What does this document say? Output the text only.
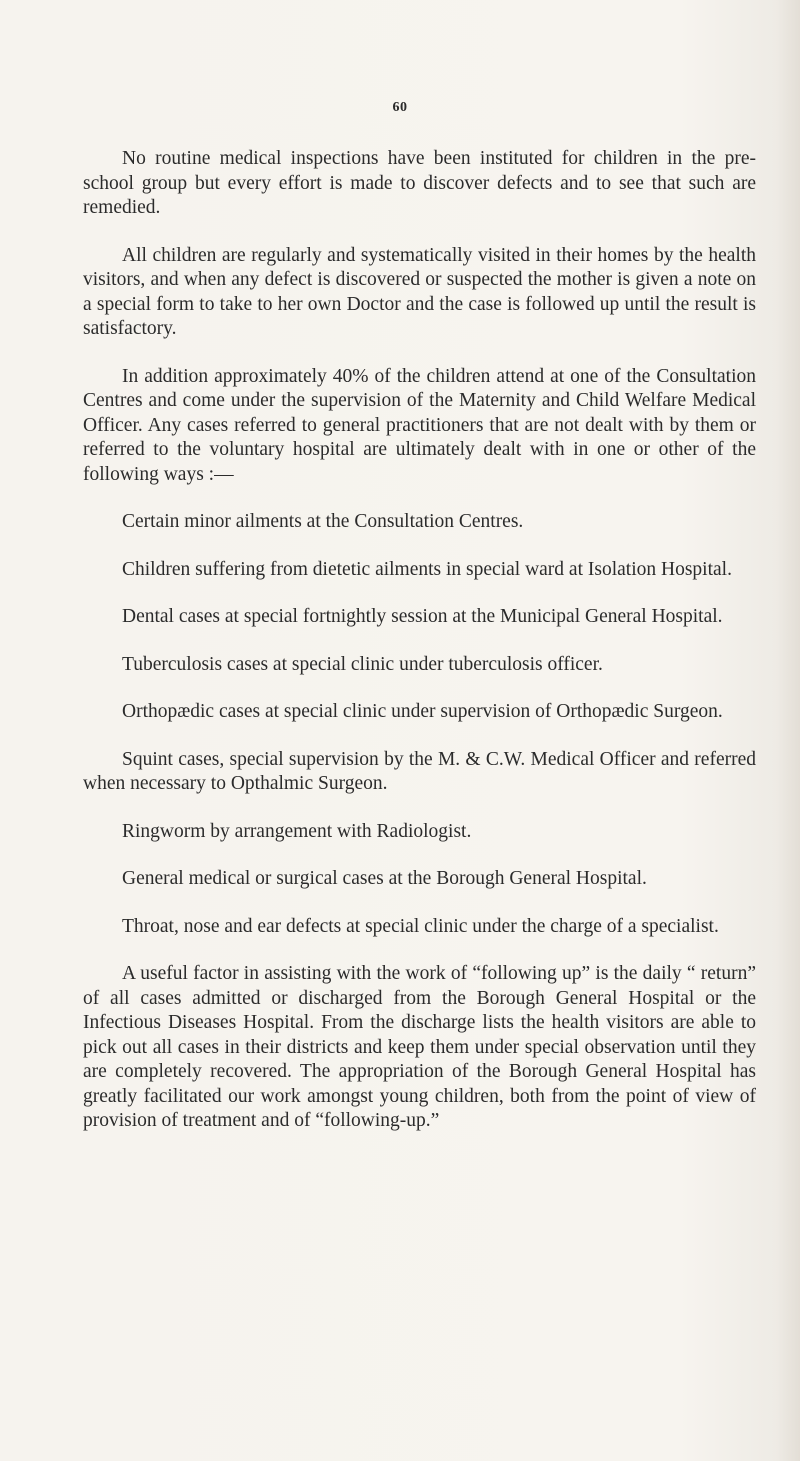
60

No routine medical inspections have been instituted for children in the pre-school group but every effort is made to discover defects and to see that such are remedied.

All children are regularly and systematically visited in their homes by the health visitors, and when any defect is discovered or suspected the mother is given a note on a special form to take to her own Doctor and the case is followed up until the result is satisfactory.

In addition approximately 40% of the children attend at one of the Consultation Centres and come under the supervision of the Maternity and Child Welfare Medical Officer. Any cases referred to general practitioners that are not dealt with by them or referred to the voluntary hospital are ultimately dealt with in one or other of the following ways :—

Certain minor ailments at the Consultation Centres.

Children suffering from dietetic ailments in special ward at Isolation Hospital.

Dental cases at special fortnightly session at the Municipal General Hospital.

Tuberculosis cases at special clinic under tuberculosis officer.

Orthopædic cases at special clinic under supervision of Orthopædic Surgeon.

Squint cases, special supervision by the M. & C.W. Medical Officer and referred when necessary to Opthalmic Surgeon.

Ringworm by arrangement with Radiologist.

General medical or surgical cases at the Borough General Hospital.

Throat, nose and ear defects at special clinic under the charge of a specialist.

A useful factor in assisting with the work of “following up” is the daily “ return” of all cases admitted or discharged from the Borough General Hospital or the Infectious Diseases Hospital. From the discharge lists the health visitors are able to pick out all cases in their districts and keep them under special observation until they are completely recovered. The appropriation of the Borough General Hospital has greatly facilitated our work amongst young children, both from the point of view of provision of treatment and of “following-up.”
